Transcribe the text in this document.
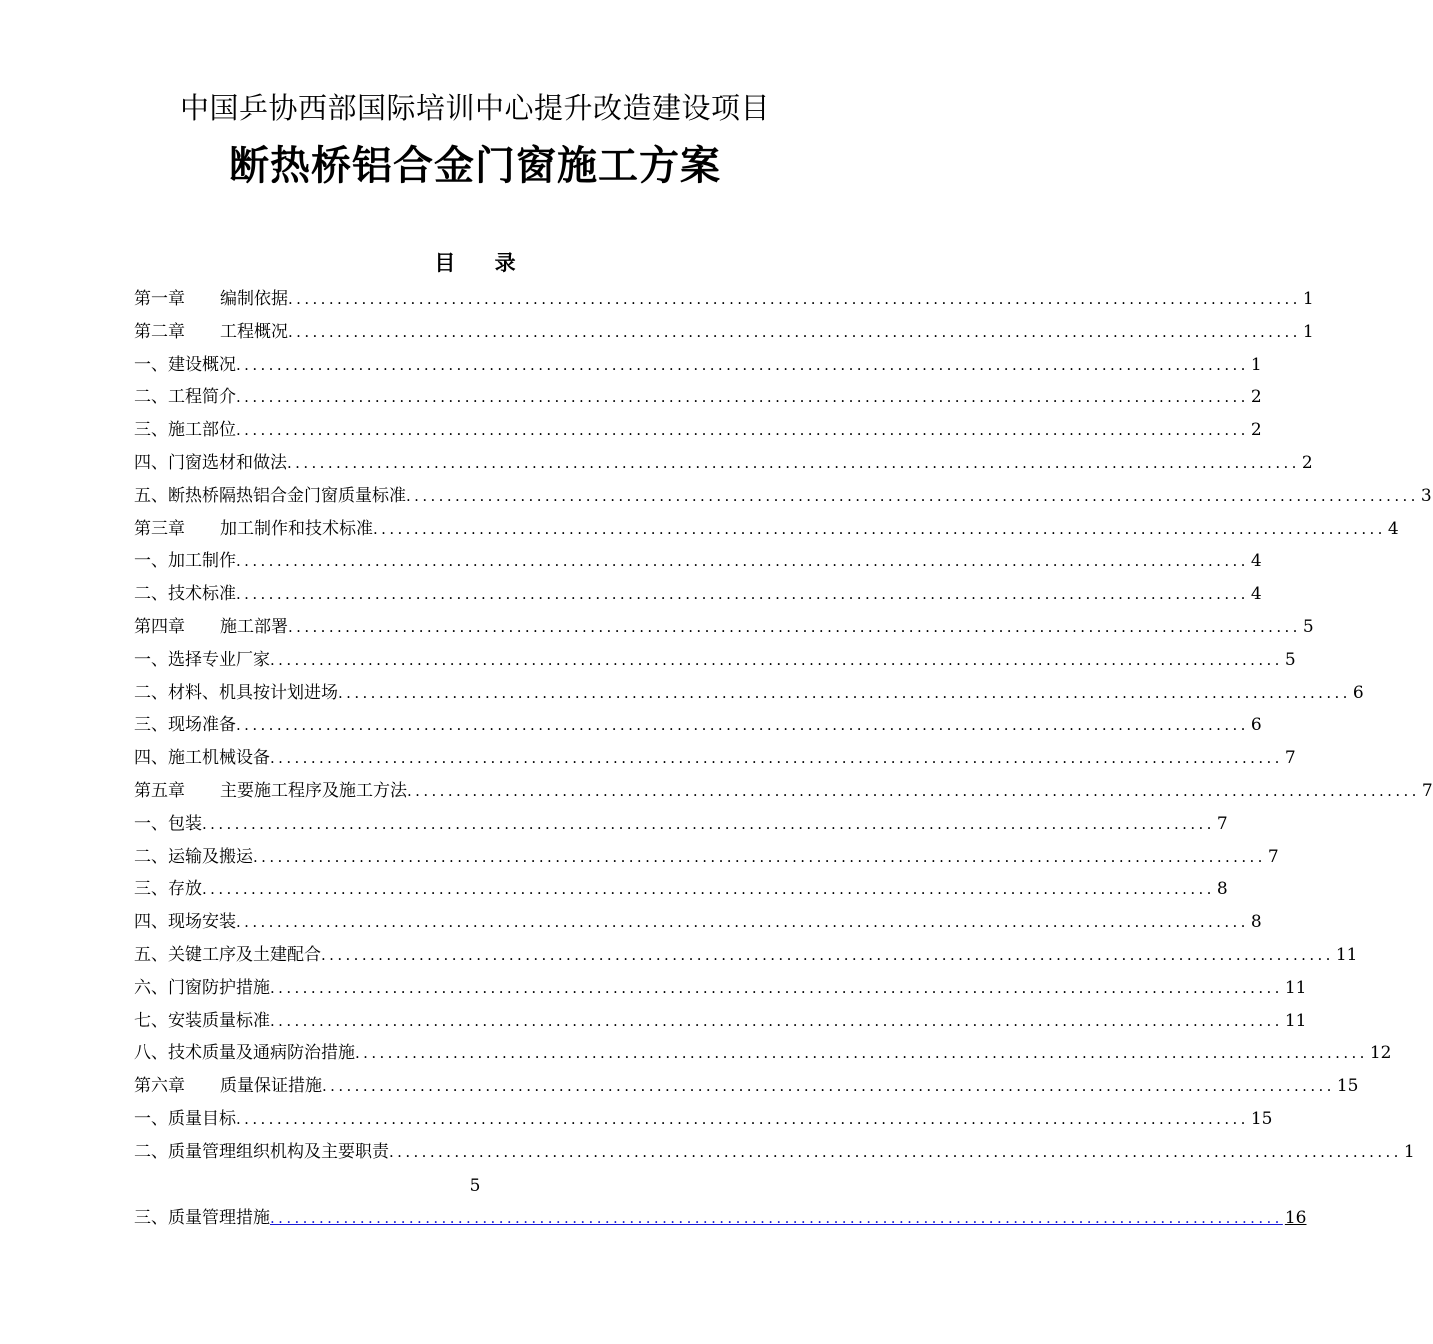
中国乒协西部国际培训中心提升改造建设项目
断热桥铝合金门窗施工方案
目 录
第一章 编制依据 ............................................................................................................................ 1
第二章 工程概况 ............................................................................................................................ 1
一、建设概况 ............................................................................................................................ 1
二、工程简介 ............................................................................................................................ 2
三、施工部位 ............................................................................................................................ 2
四、门窗选材和做法 ............................................................................................................................ 2
五、断热桥隔热铝合金门窗质量标准 ............................................................................................................................ 3
第三章 加工制作和技术标准 ............................................................................................................................ 4
一、加工制作 ............................................................................................................................ 4
二、技术标准 ............................................................................................................................ 4
第四章 施工部署 ............................................................................................................................ 5
一、选择专业厂家 ............................................................................................................................ 5
二、材料、机具按计划进场 ............................................................................................................................ 6
三、现场准备 ............................................................................................................................ 6
四、施工机械设备 ............................................................................................................................ 7
第五章 主要施工程序及施工方法 ............................................................................................................................ 7
一、包装 ............................................................................................................................ 7
二、运输及搬运 ............................................................................................................................ 7
三、存放 ............................................................................................................................ 8
四、现场安装 ............................................................................................................................ 8
五、关键工序及土建配合 ............................................................................................................................ 11
六、门窗防护措施 ............................................................................................................................ 11
七、安装质量标准 ............................................................................................................................ 11
八、技术质量及通病防治措施 ............................................................................................................................ 12
第六章 质量保证措施 ............................................................................................................................ 15
一、质量目标 ............................................................................................................................ 15
二、质量管理组织机构及主要职责 ............................................................................................................................ 1
5
三、质量管理措施 ............................................................................................................................ 16
